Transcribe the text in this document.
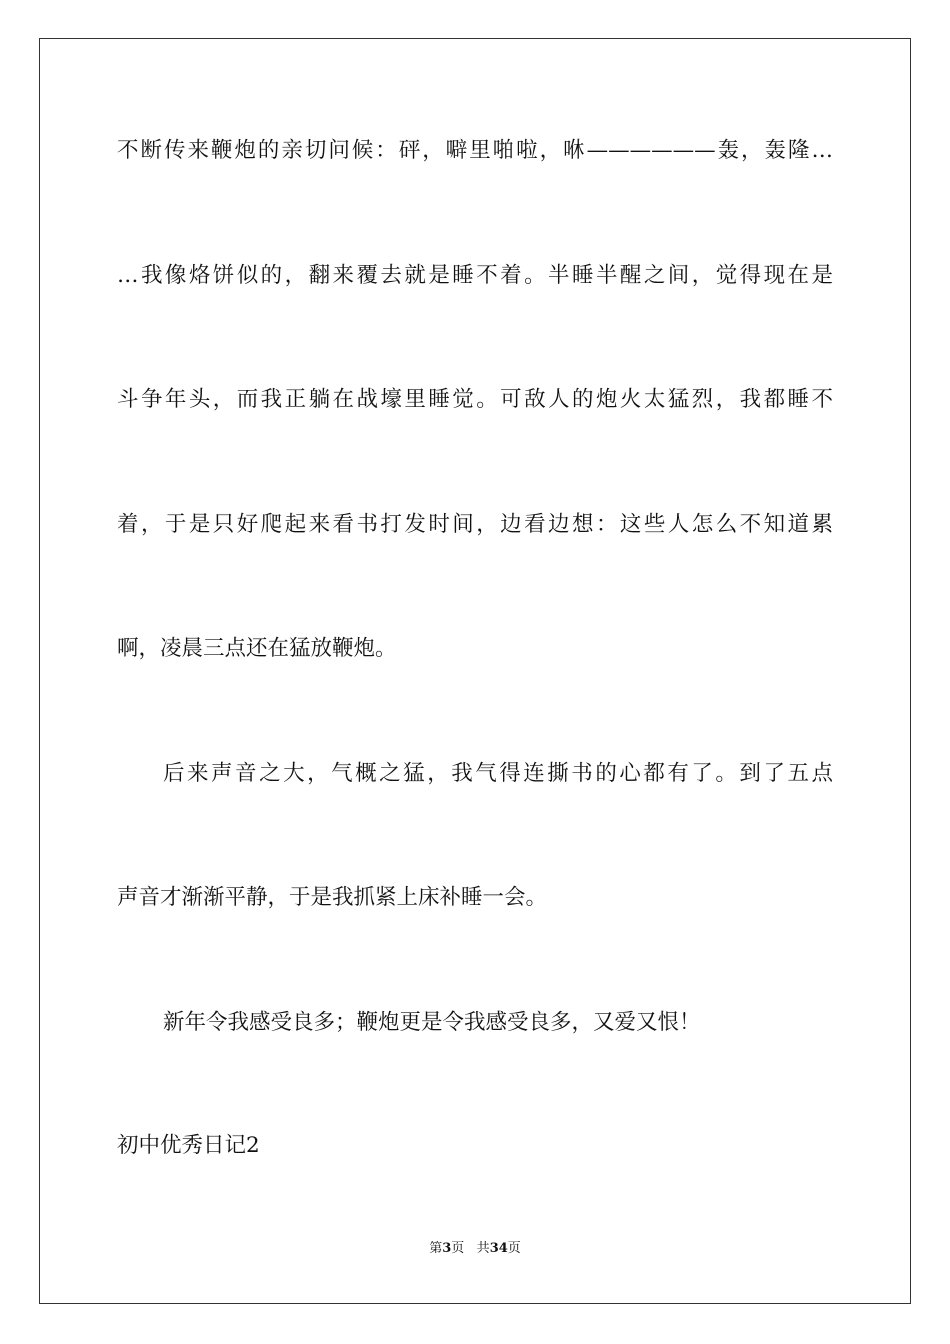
不断传来鞭炮的亲切问候：砰，噼里啪啦，咻——————轰，轰隆…
…我像烙饼似的，翻来覆去就是睡不着。半睡半醒之间，觉得现在是
斗争年头，而我正躺在战壕里睡觉。可敌人的炮火太猛烈，我都睡不
着，于是只好爬起来看书打发时间，边看边想：这些人怎么不知道累
啊，凌晨三点还在猛放鞭炮。
后来声音之大，气概之猛，我气得连撕书的心都有了。到了五点
声音才渐渐平静，于是我抓紧上床补睡一会。
新年令我感受良多；鞭炮更是令我感受良多，又爱又恨！
初中优秀日记2
第3页 共34页
